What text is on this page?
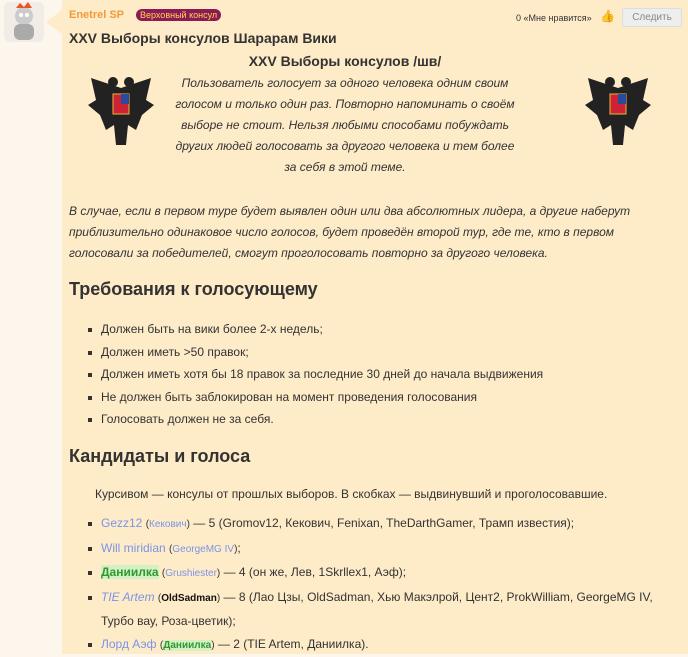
Enetrel SP	Верховный консул	0 «Мне нравится» 👍	Следить
XXV Выборы консулов Шарарам Вики
XXV Выборы консулов /шв/
Пользователь голосует за одного человека одним своим голосом и только один раз. Повторно напоминать о своём выборе не стоит. Нельзя любыми способами побуждать других людей голосовать за другого человека и тем более за себя в этой теме.
В случае, если в первом туре будет выявлен один или два абсолютных лидера, а другие наберут приблизительно одинаковое число голосов, будет проведён второй тур, где те, кто в первом голосовали за победителей, смогут проголосовать повторно за другого человека.
Требования к голосующему
Должен быть на вики более 2-х недель;
Должен иметь >50 правок;
Должен иметь хотя бы 18 правок за последние 30 дней до начала выдвижения
Не должен быть заблокирован на момент проведения голосования
Голосовать должен не за себя.
Кандидаты и голоса
Курсивом — консулы от прошлых выборов. В скобках — выдвинувший и проголосовавшие.
Gezz12 (Кекович) — 5 (Gromov12, Кекович, Fenixan, TheDarthGamer, Трамп известия);
Will miridian (GeorgeMG IV);
Даниилка (Grushiester) — 4 (он же, Лев, 1Skrllex1, Аэф);
TIE Artem (OldSadman) — 8 (Лао Цзы, OldSadman, Хью Макэлрой, Цент2, ProkWilliam, GeorgeMG IV, Турбо вау, Роза-цветик);
Лорд Аэф (Даниилка) — 2 (TIE Artem, Даниилка).
